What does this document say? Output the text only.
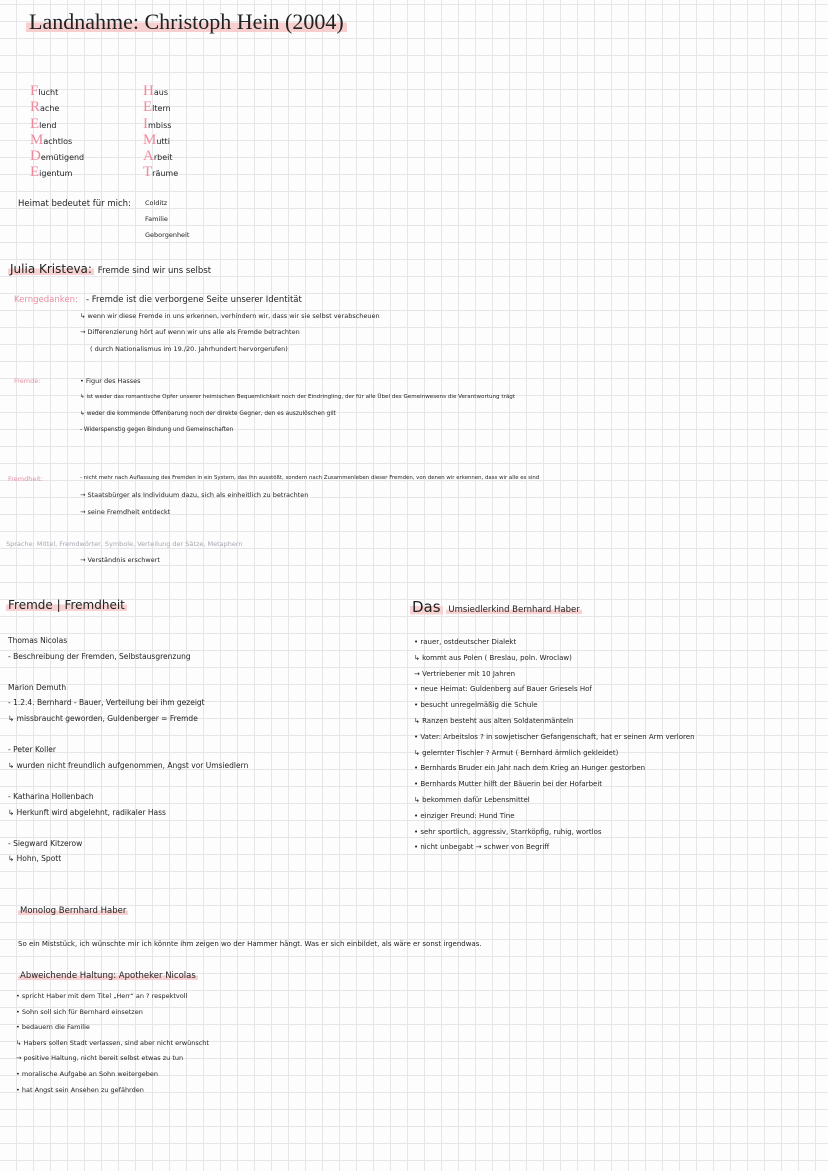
Landnahme: Christoph Hein (2004)
Flucht
Rache
Elend
Machtlos
Demütigend
Eigentum
Haus
Eltern
Imbiss
Mutti
Arbeit
Träume
Heimat bedeutet für mich: Colditz
Familie
Geborgenheit
Julia Kristeva: Fremde sind wir uns selbst
Kerngedanken: - Fremde ist die verborgene Seite unserer Identität
↳ wenn wir diese Fremde in uns erkennen, verhindern wir, dass wir sie selbst verabscheuen
→ Differenzierung hört auf wenn wir uns alle als Fremde betrachten
( durch Nationalismus im 19./20. Jahrhundert hervorgerufen)
Fremde:	• Figur des Hasses
↳ ist weder das romantische Opfer unserer heimischen Bequemlichkeit noch der Eindringling, der für alle Übel des Gemeinwesens die Verantwortung trägt
↳ weder die kommende Offenbarung noch der direkte Gegner, den es auszulöschen gilt
- Widerspenstig gegen Bindung und Gemeinschaften
Fremdheit:	- nicht mehr nach Auflassung des Fremden in ein System, das ihn ausstößt, sondern nach Zusammenleben dieser Fremden, von denen wir erkennen, dass wir alle es sind
→ Staatsbürger als Individuum dazu, sich als einheitlich zu betrachten
→ seine Fremdheit entdeckt
Sprache: Mittel, Fremdwörter, Symbole, Verteilung der Sätze, Metaphern
→ Verständnis erschwert
Fremde | Fremdheit
Thomas Nicolas
- Beschreibung der Fremden, Selbstausgrenzung
Marion Demuth
- 1.2.4. Bernhard - Bauer, Verteilung bei ihm gezeigt
↳ missbraucht geworden, Guldenberger = Fremde
- Peter Koller
↳ wurden nicht freundlich aufgenommen, Angst vor Umsiedlern
- Katharina Hollenbach
↳ Herkunft wird abgelehnt, radikaler Hass
- Siegward Kitzerow
↳ Hohn, Spott
Das Umsiedlerkind Bernhard Haber
• rauer, ostdeutscher Dialekt
↳ kommt aus Polen ( Breslau, poln. Wroclaw)
→ Vertriebener mit 10 Jahren
• neue Heimat: Guldenberg auf Bauer Griesels Hof
• besucht unregelmäßig die Schule
↳ Ranzen besteht aus alten Soldatenmänteln
• Vater: Arbeitslos ? in sowjetischer Gefangenschaft, hat er seinen Arm verloren
↳ gelernter Tischler ? Armut ( Bernhard ärmlich gekleidet)
• Bernhards Bruder ein Jahr nach dem Krieg an Hunger gestorben
• Bernhards Mutter hilft der Bäuerin bei der Hofarbeit
↳ bekommen dafür Lebensmittel
• einziger Freund: Hund Tine
• sehr sportlich, aggressiv, Starrköpfig, ruhig, wortlos
• nicht unbegabt → schwer von Begriff
Monolog Bernhard Haber
So ein Miststück, ich wünschte mir ich könnte ihm zeigen wo der Hammer hängt. Was er sich einbildet, als wäre er sonst irgendwas.
Abweichende Haltung: Apotheker Nicolas
• spricht Haber mit dem Titel „Herr“ an ? respektvoll
• Sohn soll sich für Bernhard einsetzen
• bedauern die Familie
↳ Habers sollen Stadt verlassen, sind aber nicht erwünscht
→ positive Haltung, nicht bereit selbst etwas zu tun
• moralische Aufgabe an Sohn weitergeben
• hat Angst sein Ansehen zu gefährden
